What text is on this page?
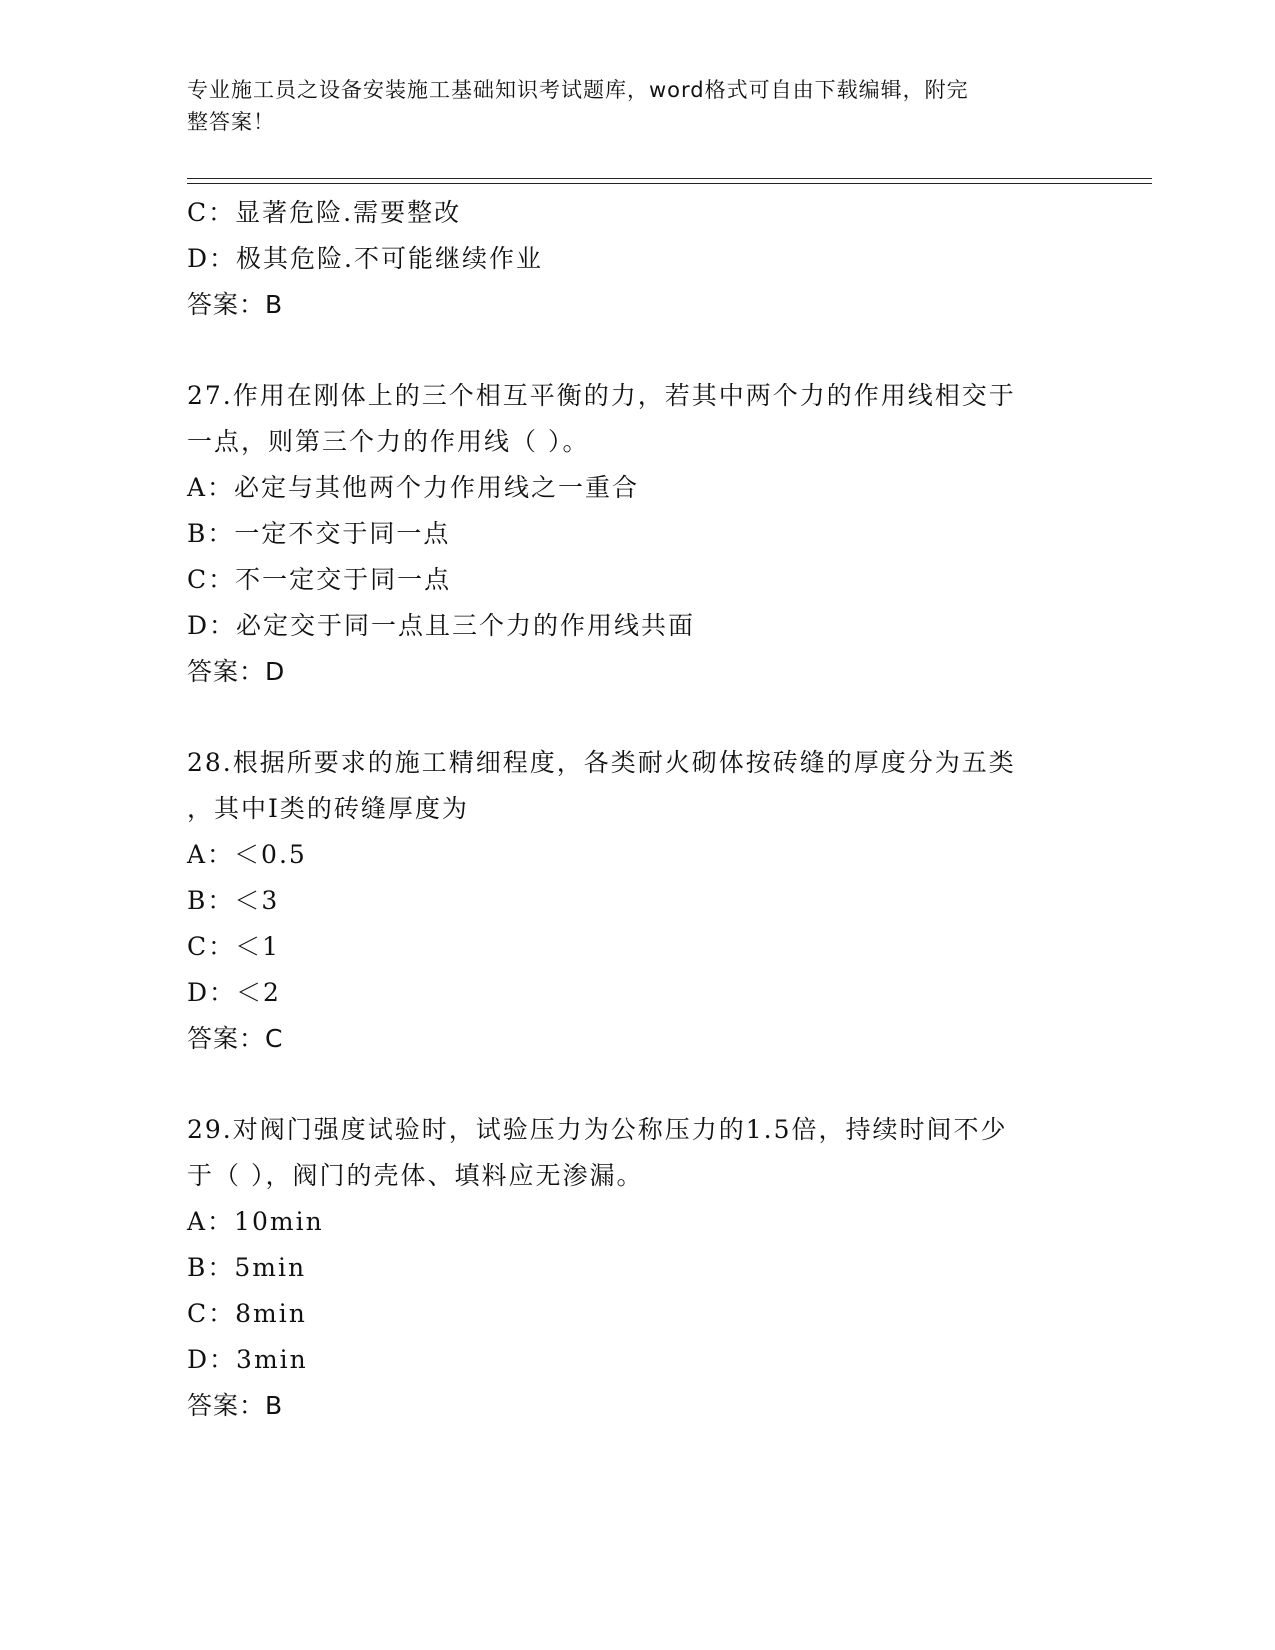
专业施工员之设备安装施工基础知识考试题库，word格式可自由下载编辑，附完
整答案！
C：显著危险.需要整改
D：极其危险.不可能继续作业
答案：B
27.作用在刚体上的三个相互平衡的力，若其中两个力的作用线相交于
一点，则第三个力的作用线（ ）。
A：必定与其他两个力作用线之一重合
B：一定不交于同一点
C：不一定交于同一点
D：必定交于同一点且三个力的作用线共面
答案：D
28.根据所要求的施工精细程度，各类耐火砌体按砖缝的厚度分为五类
，其中Ⅰ类的砖缝厚度为
A：＜0.5
B：＜3
C：＜1
D：＜2
答案：C
29.对阀门强度试验时，试验压力为公称压力的1.5倍，持续时间不少
于（ ），阀门的壳体、填料应无渗漏。
A：10min
B：5min
C：8min
D：3min
答案：B
